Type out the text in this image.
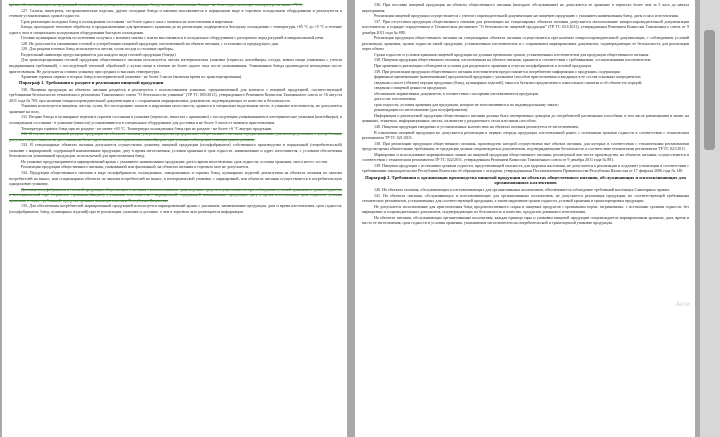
время, обеспечивающего непрерывный теплоноситель для приема дозированных блюд, питание оптимально блюда - не более двух часов при температуре не ниже +75 С.

127. Салаты, винегреты, гастрономические изделия, другие холодные блюда и напитки выставляются в порционном виде в торговом холодильном оборудовании и реализуются в течение установленных сроков годности.

Срок реализации холодных блюд в охлажденном состоянии - не более одного часа с момента их изготовления и нарезания.

Блюда, прошедшие тепловую обработку и предназначенные для временного хранения до их реализации, подвергаются быстрому охлаждению с температуры +65 °C до +5 °C в течение одного часа в специальном холодильном оборудовании быстрого охлаждения.

Готовые кулинарные изделия по истечении получаса с момента снятия с плиты выставляются в холодильное оборудование с разогревом перед раздачей в микроволновой печи.

128. Не допускается смешивание готовой к употреблению пищевой продукции, изготовленной на объекте питания, с остатками от предыдущего дня.

129. Для раздачи готовых блюд используются чистая, сухая посуда и столовые приборы.

Разделочный инвентарь предусматривается для каждого вида готовой продукции (блюда).

Для транспортирования готовой продукции общественного питания используется чистая изотермическая упаковка (термосы, контейнеры, посуда, ковши пищи упакованы с учетом выдерживания требований), с последующей тепловой обработкой у кухни пищи в течение не более одного часа после упаковывания. Упакованные блюда производятся немедленно после приготовления. Не допускается ставить упаковку при средних и высоких температурах.

Хранение горячих первых и вторых блюд в изотермической упаковке - не более 3 часов (включая время их транспортирования).

Параграф 1. Требования к раздаче и реализации пищевой продукции

130. Пищевая продукция на объектах питания раздаётся и реализуется с использованием упаковки, предназначенной для контакта с пищевой продукцией, соответствующей требованиям безопасности технического регламента Таможенного союза "О безопасности упаковки" (ТР ТС 005/2011), утвержденного Решением Комиссии Таможенного союза от 16 августа 2011 года № 769, при наличии товаросопроводительной документации и с сохранением маркировочных документов, подтверждающих ее качество и безопасность.

Упаковка используется пищевая, чистая, сухая, без посторонних запахов и нарушения целостности, хранится в специально выделенном месте, в упаковке изготовителя, не допускается хранение на полу.

131. Вторые блюда и кулинарные изделия в горячем состоянии в упаковке (термосах, емкостях с крышками) с последующим упаковыванием в изотермические упаковки (контейнеры), в охлажденном состоянии - в упаковке (емкости) устанавливаются в специальное оборудование для доставки и не более 3 часов от момента приготовления.

Температура горячих блюд при их раздаче - не менее +65 °C. Температура охлажденных блюд при их раздаче - не более +6 °C внутри продукции.

132. В случае невозможной раздачи продукции на объектах питания для реализации на предприятиях общественного питания, предназначенных для непосредственного употребления, допускается доставка их на расстояния не более двух часов в изотермических контейнерах, при условии соблюдения температурного режима.

133. В стационарных объектах питания допускается осуществлять упаковку пищевой продукции (полуфабрикатов) собственного производства в порционной (потребительской) упаковке с маркировкой, содержащей наименование продукции, дату и время изготовления, условия хранения и срок годности, наименование и адрес изготовителя, с условием обеспечения безопасности упакованной продукции, используемой для приготовления блюд.

На упаковке предусматривается маркировочный ярлык с указанием: наименование продукции; дата и время изготовления; срок годности; условия хранения; масса нетто; состав.

Реализация продукции общественного питания, упакованной или фасованной, на объектах питания в торговом зале не допускается.

134. Продукция общественного питания в виде полуфабрикатов, охлажденных, замороженных и горячих блюд, кулинарных изделий, реализуемая на объектах питания по заказам потребителей на вынос, или стационарных объектах по заказам потребителей на вынос, в изотермической упаковке, с маркировкой, или объектах питания осуществляется в потребительскую одноразовую упаковку.

Доставка полуфабрикатов и готовой продукции общественного питания с использованием транспортных средств осуществляется при соблюдении условий хранения и сроков годности, в изотермической таре (термосах, термоконтейнерах), в упаковке изготовителя с маркировкой, содержащей наименование продукции, дату и время изготовления, срок годности, условия хранения, а также требований, предусмотренных законодательством Республики Казахстан.

135. Для обеспечения потребителей маркированной продукцией используется маркировочный ярлык с указанием: наименование продукции, дата и время изготовления, срок годности; (полуфабрикатов, блюд, кулинарных изделий) при ее реализации, упаковке и доставке, о чем в торговом зале размещается информация.

136. При поставке пищевой продукции на объекты общественного питания (выездное обслуживание) не допускается ее хранение в термосах более чем за 3 часа до начала мероприятия.

Реализация пищевой продукции осуществляется с учетом сопроводительной документации на пищевую продукцию с указанием наименования блюд, даты и часа изготовления.

137. При отсутствии продукции общественного питания для реализации на стационарных объектах питания допускается использование товаросопроводительной документации изготовителя, в порядке определенном в Техническом регламенте "О безопасности пищевой продукции" (ТР ТС 021/2011), утвержденным Решением Комиссии Таможенного союза от 9 декабря 2011 года № 880.

Реализация продукции общественного питания на стационарных объектах питания осуществляется при наличии товаросопроводительной документации, с соблюдением условий реализации, хранения, сроков годности такой продукции, установленных изготовителем и с сохранением маркировочных документов, подтверждающих ее безопасность для реализации через объект.

Сроки годности и условия хранения пищевой продукции не должны превышать сроков, установленных изготовителем для продукции общественного питания.

138. Пищевая продукция общественного питания, изготовленная на объекте питания, хранится в соответствии с требованиями, установленными изготовителем.

При хранении и реализации соблюдаются условия для раздельного хранения и отпуска полуфабрикатов и готовой продукции.

139. При реализации продукции общественного питания изготовителем предоставляется потребителю информация о продукции, содержащая:

фирменное наименование (наименование) предлагаемой продукции с указанием способов приготовления и входящих в ее состав основных ингредиентов;

сведения о массе (объеме) порции продукции (блюд, кулинарных изделий), емкости бутылки предлагаемого алкогольного напитка и об объеме его порций;

сведения о пищевой ценности продукции;

обозначение нормативных документов, в соответствии с которыми изготавливается продукция;

дата и час изготовления;

срок годности, условия хранения для продукции, которые не изготавливаются по индивидуальному заказу;

рекомендации по изготовлению (для полуфабрикатов).

Информация о реализуемой продукции общественного питания должна быть своевременно доведена до потребителей различными способами, в том числе размещением в меню, на ценниках, этикетках, информационных листах, на вывеске у раздаточного стола или иным способом.

140. Пищевая продукция ежедневно в установленных количествах на объектах питания реализуется ее изготовлением.

В отношении пищевой продукции не допускается реализация в первую очередь продукции, изготовленной ранее, с истекшими сроками годности в соответствии с техническим регламентом ТР ТС 021/2011.

138. При реализации продукции общественного питания, производство которой осуществлено вне объекта питания, для которых в соответствии с техническими регламентами предусмотрены обязательные требования, ее продукция должна сопровождаться документами, подтверждающими безопасность и соответствие техническим регламентам ТР ТС 021/2011.

Маркировка и использование маркировочных знаков на пищевой продукции общественного питания, реализуемой вне места производства, на объектах питания, осуществляется в соответствии с техническим регламентом ТР ТС 022/2011, утвержденным Решением Комиссии Таможенного союза от 9 декабря 2011 года № 881.

139. Пищевая продукция с истекшими сроками годности, представляющей опасность для здоровья населения, не допускается к реализации и подлежит утилизации в соответствии с требованиями законодательства Республики Казахстан об обращении с отходами, утвержденными Постановлением Правительства Республики Казахстан от 17 февраля 2006 года № 140.

Параграф 2. Требования к организации производства пищевой продукции на объектах общественного питания, обслуживающих и изготавливающих для организованных коллективов

140. На объектах питания, обслуживающих и изготавливающих для организованных коллективов, обеспечивается соблюдение требований настоящих Санитарных правил.

141. На объектах питания, обслуживающих и изготавливающих для организованных коллективов, не допускается реализация продукции, не соответствующей требованиям технических регламентов, установленных для соответствующей продукции, а также нарушение сроков годности, условий хранения и транспортировки продукции.

Не допускается использование для приготовления блюд продовольственного сырья и пищевых продуктов с признаками порчи, загрязненных, с истекшими сроками годности, без маркировки и сопроводительных документов, подтверждающих их безопасность и качество, продуктов домашнего изготовления.

На объектах питания, обслуживающих организованные коллективы, каждая единица тары и упаковки пищевой продукции сопровождается маркировочным ярлыком, дата, время и место ее изготовления, срок годности и условия хранения, указываемые изготовителем на потребительской и транспортной упаковке продукции.

Акти
